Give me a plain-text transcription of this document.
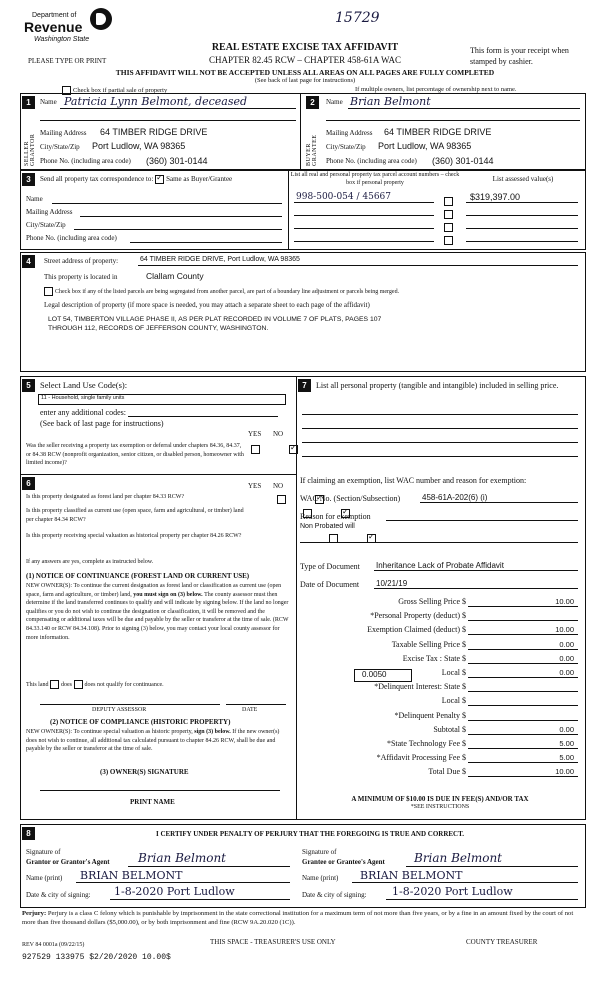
Department of
Revenue
Washington State
15729
REAL ESTATE EXCISE TAX AFFIDAVIT
CHAPTER 82.45 RCW – CHAPTER 458-61A WAC
PLEASE TYPE OR PRINT
This form is your receipt when stamped by cashier.
THIS AFFIDAVIT WILL NOT BE ACCEPTED UNLESS ALL AREAS ON ALL PAGES ARE FULLY COMPLETED
(See back of last page for instructions)
Check box if partial sale of property	If multiple owners, list percentage of ownership next to name.
1
SELLER GRANTOR
Name Patricia Lynn Belmont, deceased
Mailing Address 64 TIMBER RIDGE DRIVE
City/State/Zip Port Ludlow, WA 98365
Phone No. (including area code) (360) 301-0144
2
BUYER GRANTEE
Name Brian Belmont
Mailing Address 64 TIMBER RIDGE DRIVE
City/State/Zip Port Ludlow, WA 98365
Phone No. (including area code) (360) 301-0144
3	Send all property tax correspondence to: ✓ Same as Buyer/Grantee
Name
Mailing Address
City/State/Zip
Phone No. (including area code)
List all real and personal property tax parcel account numbers – check box if personal property	List assessed value(s)
998-500-054 / 45667	$319,397.00

4	Street address of property:	64 TIMBER RIDGE DRIVE, Port Ludlow, WA 98365
This property is located in	Clallam County
Check box if any of the listed parcels are being segregated from another parcel, are part of a boundary line adjustment or parcels being merged.
Legal description of property (if more space is needed, you may attach a separate sheet to each page of the affidavit)
LOT 54, TIMBERTON VILLAGE PHASE II, AS PER PLAT RECORDED IN VOLUME 7 OF PLATS, PAGES 107
THROUGH 112, RECORDS OF JEFFERSON COUNTY, WASHINGTON.
5	Select Land Use Code(s):
11 - Household, single family units
enter any additional codes:
(See back of last page for instructions)
YES NO
Was the seller receiving a property tax exemption or deferral under chapters 84.36, 84.37, or 84.38 RCW (nonprofit organization, senior citizen, or disabled person, homeowner with limited income)?
✓
6	YES NO
Is this property designated as forest land per chapter 84.33 RCW?
✓
Is this property classified as current use (open space, farm and agricultural, or timber) land per chapter 84.34 RCW?
✓
Is this property receiving special valuation as historical property per chapter 84.26 RCW?
✓
If any answers are yes, complete as instructed below.
(1) NOTICE OF CONTINUANCE (FOREST LAND OR CURRENT USE)
NEW OWNER(S): To continue the current designation as forest land or classification as current use (open space, farm and agriculture, or timber) land, you must sign on (3) below. The county assessor must then determine if the land transferred continues to qualify and will indicate by signing below. If the land no longer qualifies or you do not wish to continue the designation or classification, it will be removed and the compensating or additional taxes will be due and payable by the seller or transferor at the time of sale. (RCW 84.33.140 or RCW 84.34.108). Prior to signing (3) below, you may contact your local county assessor for more information.
This land does does not qualify for continuance.
DEPUTY ASSESSOR	DATE
(2) NOTICE OF COMPLIANCE (HISTORIC PROPERTY)
NEW OWNER(S): To continue special valuation as historic property, sign (3) below. If the new owner(s) does not wish to continue, all additional tax calculated pursuant to chapter 84.26 RCW, shall be due and payable by the seller or transferor at the time of sale.
(3) OWNER(S) SIGNATURE
PRINT NAME
7	List all personal property (tangible and intangible) included in selling price.
If claiming an exemption, list WAC number and reason for exemption:
WAC No. (Section/Subsection)	458-61A-202(6) (i)
Reason for exemption
Non Probated will
Type of Document Inheritance Lack of Probate Affidavit
Date of Document 10/21/19
Gross Selling Price $	10.00
*Personal Property (deduct) $
Exemption Claimed (deduct) $	10.00
Taxable Selling Price $	0.00
Excise Tax : State $	0.00
Local $	0.00
*Delinquent Interest: State $
Local $
*Delinquent Penalty $
Subtotal $	0.00
*State Technology Fee $	5.00
*Affidavit Processing Fee $	5.00
Total Due $	10.00
0.0050
A MINIMUM OF $10.00 IS DUE IN FEE(S) AND/OR TAX
*SEE INSTRUCTIONS
8	I CERTIFY UNDER PENALTY OF PERJURY THAT THE FOREGOING IS TRUE AND CORRECT.
Signature of
Grantor or Grantor's Agent Brian Belmont
Name (print) BRIAN BELMONT
Date & city of signing: 1-8-2020 Port Ludlow
Signature of
Grantee or Grantee's Agent Brian Belmont
Name (print) BRIAN BELMONT
Date & city of signing: 1-8-2020 Port Ludlow
Perjury: Perjury is a class C felony which is punishable by imprisonment in the state correctional institution for a maximum term of not more than five years, or by a fine in an amount fixed by the court of not more than five thousand dollars ($5,000.00), or by both imprisonment and fine (RCW 9A.20.020 (1C)).
REV 84 0001a (09/22/15)	THIS SPACE - TREASURER'S USE ONLY	COUNTY TREASURER
927529 133975 $2/20/2020 10.00$
